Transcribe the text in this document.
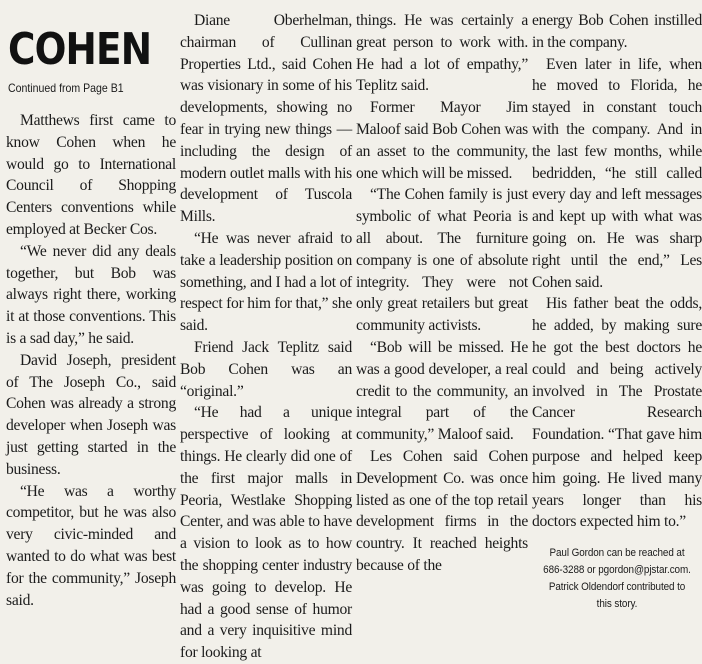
COHEN
Continued from Page B1

Matthews first came to know Cohen when he would go to International Council of Shopping Centers conventions while employed at Becker Cos.

“We never did any deals together, but Bob was always right there, working it at those conventions. This is a sad day,” he said.

David Joseph, president of The Joseph Co., said Cohen was already a strong developer when Joseph was just getting started in the business.

“He was a worthy competitor, but he was also very civic-minded and wanted to do what was best for the community,” Joseph said.

Diane Oberhelman, chairman of Cullinan Properties Ltd., said Cohen was visionary in some of his developments, showing no fear in trying new things — including the design of modern outlet malls with his development of Tuscola Mills.

“He was never afraid to take a leadership position on something, and I had a lot of respect for him for that,” she said.

Friend Jack Teplitz said Bob Cohen was an “original.”

“He had a unique perspective of looking at things. He clearly did one of the first major malls in Peoria, Westlake Shopping Center, and was able to have a vision to look as to how the shopping center industry was going to develop. He had a good sense of humor and a very inquisitive mind for looking at

things. He was certainly a great person to work with. He had a lot of empathy,” Teplitz said.

Former Mayor Jim Maloof said Bob Cohen was an asset to the community, one which will be missed.

“The Cohen family is just symbolic of what Peoria is all about. The furniture company is one of absolute integrity. They were not only great retailers but great community activists.

“Bob will be missed. He was a good developer, a real credit to the community, an integral part of the community,” Maloof said.

Les Cohen said Cohen Development Co. was once listed as one of the top retail development firms in the country. It reached heights because of the

energy Bob Cohen instilled in the company.

Even later in life, when he moved to Florida, he stayed in constant touch with the company. And in the last few months, while bedridden, “he still called every day and left messages and kept up with what was going on. He was sharp right until the end,” Les Cohen said.

His father beat the odds, he added, by making sure he got the best doctors he could and being actively involved in The Prostate Cancer Research Foundation. “That gave him purpose and helped keep him going. He lived many years longer than his doctors expected him to.”

Paul Gordon can be reached at 686-3288 or pgordon@pjstar.com. Patrick Oldendorf contributed to this story.
